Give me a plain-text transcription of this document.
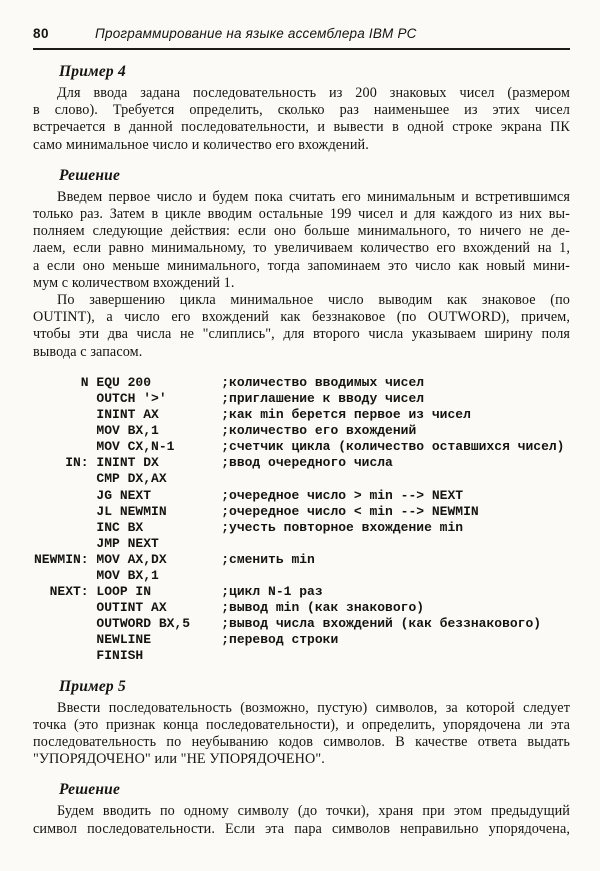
80	Программирование на языке ассемблера IBM PC
Пример 4
Для ввода задана последовательность из 200 знаковых чисел (размером
в слово). Требуется определить, сколько раз наименьшее из этих чисел
встречается в данной последовательности, и вывести в одной строке экрана ПК
само минимальное число и количество его вхождений.
Решение
Введем первое число и будем пока считать его минимальным и встретившимся
только раз. Затем в цикле вводим остальные 199 чисел и для каждого из них вы-
полняем следующие действия: если оно больше минимального, то ничего не де-
лаем, если равно минимальному, то увеличиваем количество его вхождений на 1,
а если оно меньше минимального, тогда запоминаем это число как новый мини-
мум с количеством вхождений 1.
По завершению цикла минимальное число выводим как знаковое (по
OUTINT), а число его вхождений как беззнаковое (по OUTWORD), причем,
чтобы эти два числа не "слиплись", для второго числа указываем ширину поля
вывода с запасом.
N EQU 200         ;количество вводимых чисел
OUTCH '>'       ;приглашение к вводу чисел
ININT AX        ;как min берется первое из чисел
MOV BX,1        ;количество его вхождений
MOV CX,N-1      ;счетчик цикла (количество оставшихся чисел)
IN: ININT DX        ;ввод очередного числа
CMP DX,AX
JG NEXT         ;очередное число > min --> NEXT
JL NEWMIN       ;очередное число < min --> NEWMIN
INC BX          ;учесть повторное вхождение min
JMP NEXT
NEWMIN: MOV AX,DX       ;сменить min
MOV BX,1
NEXT: LOOP IN         ;цикл N-1 раз
OUTINT AX       ;вывод min (как знакового)
OUTWORD BX,5    ;вывод числа вхождений (как беззнакового)
NEWLINE         ;перевод строки
FINISH
Пример 5
Ввести последовательность (возможно, пустую) символов, за которой следует
точка (это признак конца последовательности), и определить, упорядочена ли эта
последовательность по неубыванию кодов символов. В качестве ответа выдать
"УПОРЯДОЧЕНО" или "НЕ УПОРЯДОЧЕНО".
Решение
Будем вводить по одному символу (до точки), храня при этом предыдущий
символ последовательности. Если эта пара символов неправильно упорядочена,
